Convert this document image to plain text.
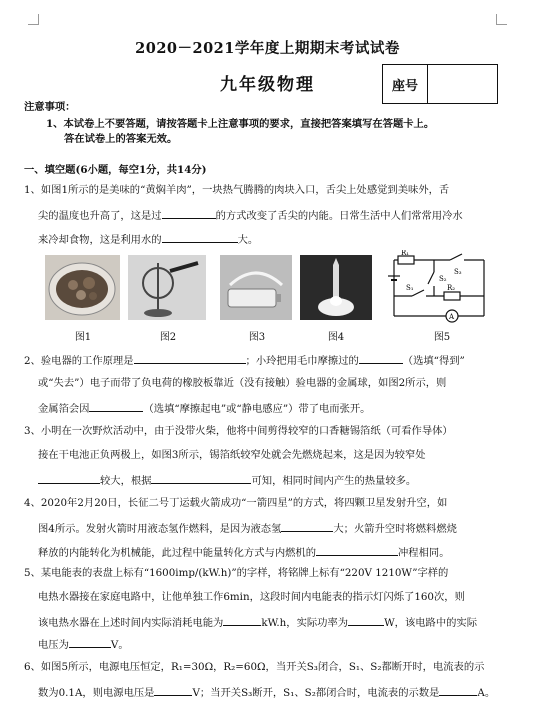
2020－2021学年度上期期末考试试卷
九年级物理	座号
注意事项：
1、本试卷上不要答题，请按答题卡上注意事项的要求，直接把答案填写在答题卡上。
答在试卷上的答案无效。
一、填空题(6小题，每空1分，共14分)
1、如图1所示的是美味的“黄焖羊肉”，一块热气腾腾的肉块入口，舌尖上处感觉到美味外，舌
尖的温度也升高了，这是过	的方式改变了舌尖的内能。日常生活中人们常常用冷水
来冷却食物，这是利用水的	大。
R₁
S₃
S₂
S₁	R₂
A
图1	图2	图3	图4	图5
2、验电器的工作原理是	；小玲把用毛巾摩擦过的	（选填“得到”
或“失去”）电子而带了负电荷的橡胶板靠近（没有接触）验电器的金属球，如图2所示，则
金属箔会因	（选填“摩擦起电”或“静电感应”）带了电而张开。
3、小明在一次野炊活动中，由于没带火柴，他将中间剪得较窄的口香糖锡箔纸（可看作导体）
接在干电池正负两极上，如图3所示，锡箔纸较窄处就会先燃烧起来，这是因为较窄处
较大，根据	可知，相同时间内产生的热量较多。
4、2020年2月20日，长征二号丁运载火箭成功“一箭四星”的方式，将四颗卫星发射升空，如
图4所示。发射火箭时用液态氢作燃料，是因为液态氢	大；火箭升空时将燃料燃烧
释放的内能转化为机械能，此过程中能量转化方式与内燃机的	冲程相同。
5、某电能表的表盘上标有“1600imp/(kW.h)”的字样，将铭牌上标有“220V 1210W”字样的
电热水器接在家庭电路中，让他单独工作6min，这段时间内电能表的指示灯闪烁了160次，则
该电热水器在上述时间内实际消耗电能为	kW.h，实际功率为	W，该电路中的实际
电压为	V。
6、如图5所示，电源电压恒定，R₁=30Ω，R₂=60Ω，当开关S₃闭合，S₁、S₂都断开时，电流表的示
数为0.1A，则电源电压是	V；当开关S₃断开，S₁、S₂都闭合时，电流表的示数是	A。
